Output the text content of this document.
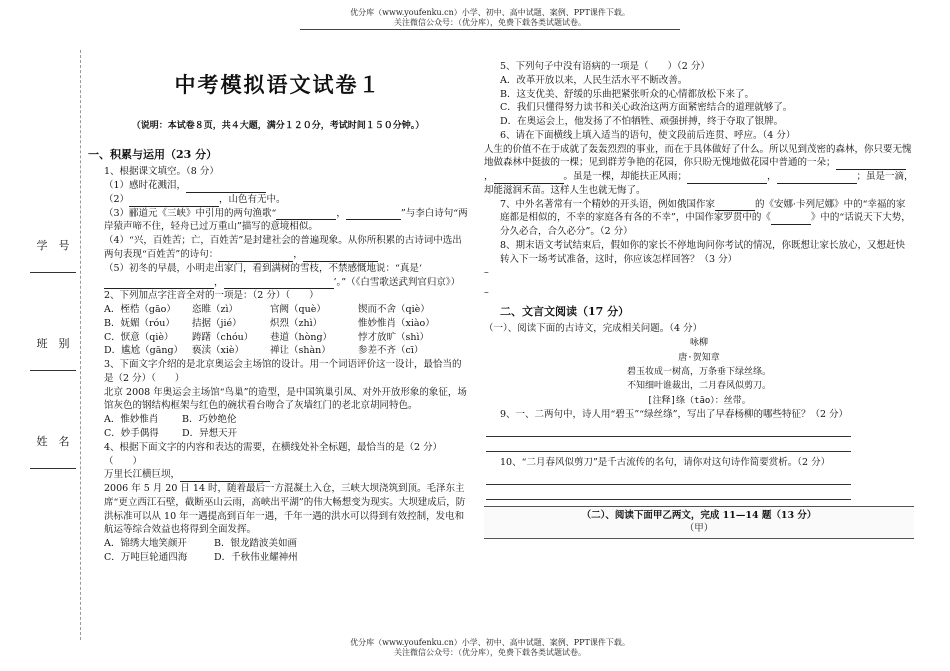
优分库（www.youfenku.cn）小学、初中、高中试题、案例、PPT课件下载。
关注微信公众号：（优分库），免费下载各类试题试卷。
学　号
班　别
姓　名
中考模拟语文试卷１
（说明：本试卷８页，共４大题，满分１２０分，考试时间１５０分钟。）
一、积累与运用（23 分）

1、根据课文填空。（8 分）

（1）感时花溅泪，

（2）	，山色有无中。

（3）郦道元《三峡》中引用的两句渔歌“	，	”与李白诗句“两岸猿声啼不住，轻舟已过万重山”描写的意境相似。

（4）“兴，百姓苦；亡，百姓苦”是封建社会的普遍现象。从你所积累的古诗词中选出两句表现“百姓苦”的诗句：	，

（5）初冬的早晨，小明走出家门，看到满树的雪枝，不禁感慨地说：“真是‘，	’。”（《白雪歌送武判官归京》）

2、下列加点字注音全对的一项是：（2 分）（　　）

A．桎梏（gāo）	恣睢（zì）	官阙（què）	锲而不舍（qiè）
B．妩媚（róu）	拮据（jié）	炽烈（zhì）	惟妙惟肖（xiào）
C．恹意（qiè）	踌躇（chóu）	巷道（hòng）	悖才放旷（shì）
D．尴尬（gāng） 亵渎（xiè）	禅让（shàn）	参差不齐（cī）

3、下面文字介绍的是北京奥运会主场馆的设计。用一个词语评价这一设计，最恰当的是（2 分）（　　）

北京 2008 年奥运会主场馆“鸟巢”的造型，是中国筑巢引凤、对外开放形象的象征，场馆灰色的钢结构框架与红色的碗状看台吻合了灰墙红门的老北京胡同特色。

A．惟妙惟肖	B．巧妙绝伦
C．妙手偶得	D．异想天开

4、根据下面文字的内容和表达的需要，在横线处补全标题，最恰当的是（2 分）（　　）

万里长江横巨坝，

2006 年 5 月 20 日 14 时，随着最后一方混凝土入仓，三峡大坝浇筑到顶。毛泽东主席“更立西江石壁，截断巫山云雨，高峡出平湖”的伟大畅想变为现实。大坝建成后，防洪标准可以从 10 年一遇提高到百年一遇，千年一遇的洪水可以得到有效控制，发电和航运等综合效益也将得到全面发挥。

A．锦绣大地笑颜开	B．银龙踏波美如画
C．万吨巨轮通四海	D．千秋伟业耀神州

5、下列句子中没有语病的一项是（　　）（2 分）

A．改革开放以来，人民生活水平不断改善。

B．这支优美、舒缓的乐曲把紧张听众的心情都放松下来了。

C．我们只懂得努力读书和关心政治这两方面紧密结合的道理就够了。

D．在奥运会上，他发扬了不怕牺牲、顽强拼搏，终于夺取了银牌。

6、请在下面横线上填入适当的语句，使文段前后连贯、呼应。（4 分）

人生的价值不在于成就了轰轰烈烈的事业，而在于具体做好了什么。所以见到茂密的森林，你只要无愧地做森林中挺拔的一棵；见到群芳争艳的花园，你只盼无愧地做花园中普通的一朵；，	。虽是一棵，却能扶正风雨；	，	；虽是一滴，却能滋润禾苗。这样人生也就无悔了。

7、中外名著常有一个精妙的开头语，例如俄国作家	的《安娜·卡列尼娜》中的“幸福的家庭都是相似的，不幸的家庭各有各的不幸”，中国作家罗贯中的《	》中的“话说天下大势，分久必合，合久必分”。（2 分）

8、期末语文考试结束后，假如你的家长不停地询问你考试的情况，你既想让家长放心，又想赶快转入下一场考试准备，这时，你应该怎样回答？（3 分）

–
–
二、文言文阅读（17 分）

（一）、阅读下面的古诗文，完成相关问题。（4 分）

咏柳
唐·贺知章
碧玉妆成一树高，万条垂下绿丝绦。
不知细叶谁裁出，二月春风似剪刀。
[注释]绦（tāo）：丝带。

9、一、二两句中，诗人用“碧玉”“绿丝绦”，写出了早春杨柳的哪些特征？（2 分）

10、“二月春风似剪刀”是千古流传的名句，请你对这句诗作简要赏析。（2 分）

（二）、阅读下面甲乙两文，完成 11—14 题（13 分）
（甲）
优分库（www.youfenku.cn）小学、初中、高中试题、案例、PPT课件下载。
关注微信公众号：（优分库），免费下载各类试题试卷。
